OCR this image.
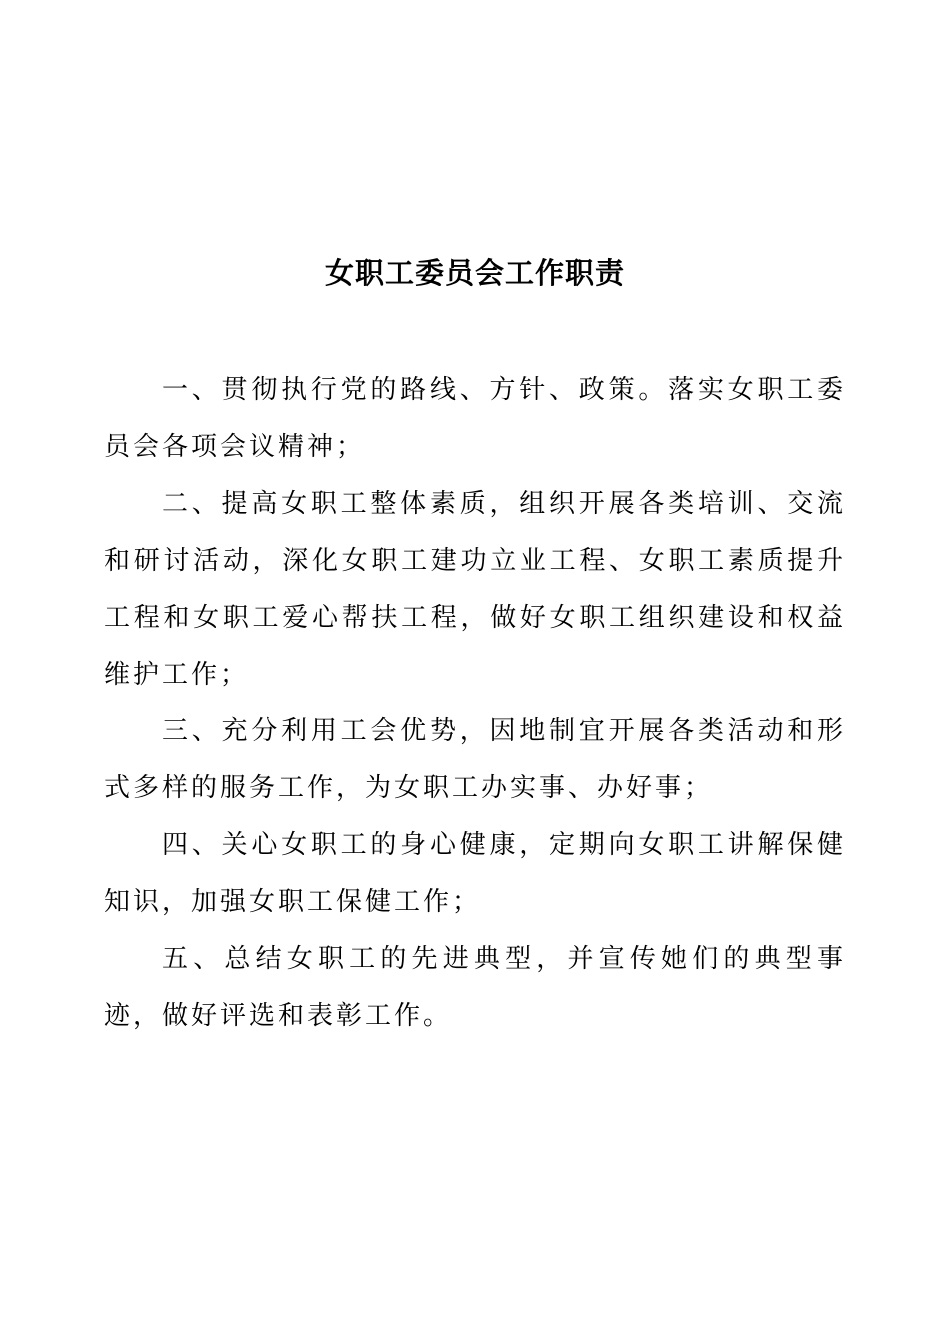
女职工委员会工作职责

一、贯彻执行党的路线、方针、政策。落实女职工委员会各项会议精神；

二、提高女职工整体素质，组织开展各类培训、交流和研讨活动，深化女职工建功立业工程、女职工素质提升工程和女职工爱心帮扶工程，做好女职工组织建设和权益维护工作；

三、充分利用工会优势，因地制宜开展各类活动和形式多样的服务工作，为女职工办实事、办好事；

四、关心女职工的身心健康，定期向女职工讲解保健知识，加强女职工保健工作；

五、总结女职工的先进典型，并宣传她们的典型事迹，做好评选和表彰工作。
